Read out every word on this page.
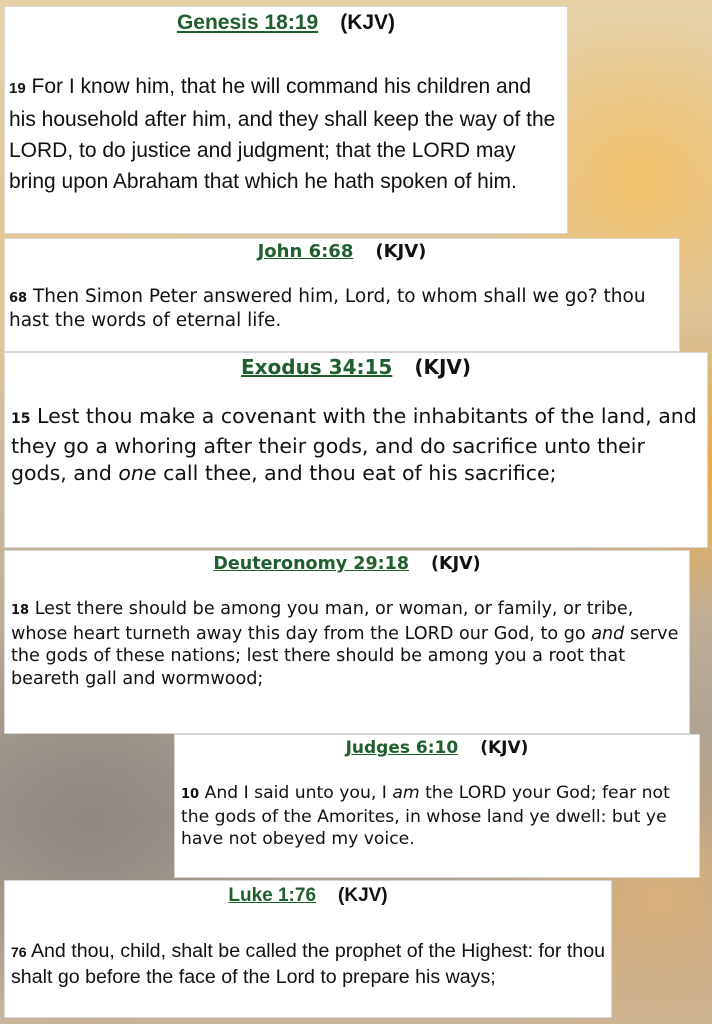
Genesis 18:19 (KJV)

19 For I know him, that he will command his children and his household after him, and they shall keep the way of the LORD, to do justice and judgment; that the LORD may bring upon Abraham that which he hath spoken of him.

John 6:68 (KJV)

68 Then Simon Peter answered him, Lord, to whom shall we go? thou hast the words of eternal life.

Exodus 34:15 (KJV)

15 Lest thou make a covenant with the inhabitants of the land, and they go a whoring after their gods, and do sacrifice unto their gods, and one call thee, and thou eat of his sacrifice;

Deuteronomy 29:18 (KJV)

18 Lest there should be among you man, or woman, or family, or tribe, whose heart turneth away this day from the LORD our God, to go and serve the gods of these nations; lest there should be among you a root that beareth gall and wormwood;

Judges 6:10 (KJV)

10 And I said unto you, I am the LORD your God; fear not the gods of the Amorites, in whose land ye dwell: but ye have not obeyed my voice.

Luke 1:76 (KJV)

76 And thou, child, shalt be called the prophet of the Highest: for thou shalt go before the face of the Lord to prepare his ways;
